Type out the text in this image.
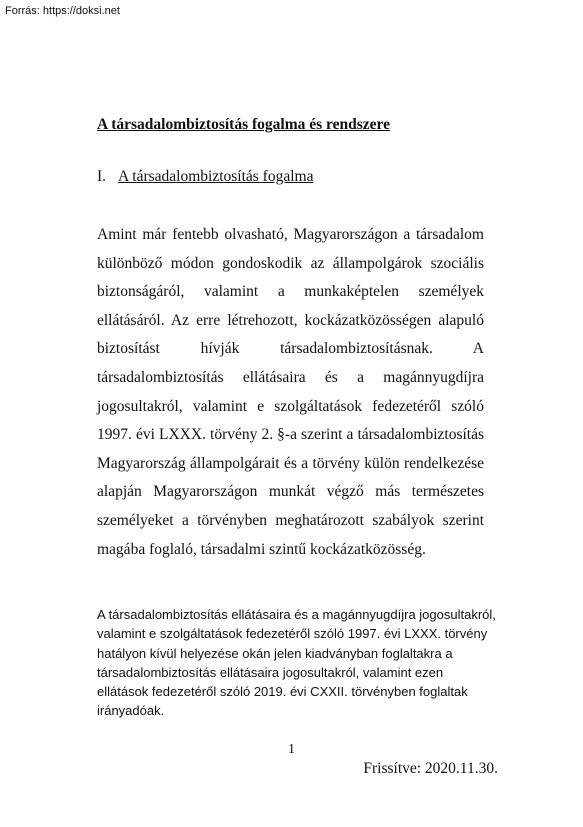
Forrás: https://doksi.net
A társadalombiztosítás fogalma és rendszere
I. A társadalombiztosítás fogalma

Amint már fentebb olvasható, Magyarországon a társadalom különböző módon gondoskodik az állampolgárok szociális biztonságáról, valamint a munkaképtelen személyek ellátásáról. Az erre létrehozott, kockázatközösségen alapuló biztosítást hívják társadalombiztosításnak. A társadalombiztosítás ellátásaira és a magánnyugdíjra jogosultakról, valamint e szolgáltatások fedezetéről szóló 1997. évi LXXX. törvény 2. §-a szerint a társadalombiztosítás Magyarország állampolgárait és a törvény külön rendelkezése alapján Magyarországon munkát végző más természetes személyeket a törvényben meghatározott szabályok szerint magába foglaló, társadalmi szintű kockázatközösség.

A társadalombiztosítás ellátásaira és a magánnyugdíjra jogosultakról, valamint e szolgáltatások fedezetéről szóló 1997. évi LXXX. törvény hatályon kívül helyezése okán jelen kiadványban foglaltakra a társadalombiztosítás ellátásaira jogosultakról, valamint ezen ellátások fedezetéről szóló 2019. évi CXXII. törvényben foglaltak irányadóak.

1
Frissítve: 2020.11.30.
